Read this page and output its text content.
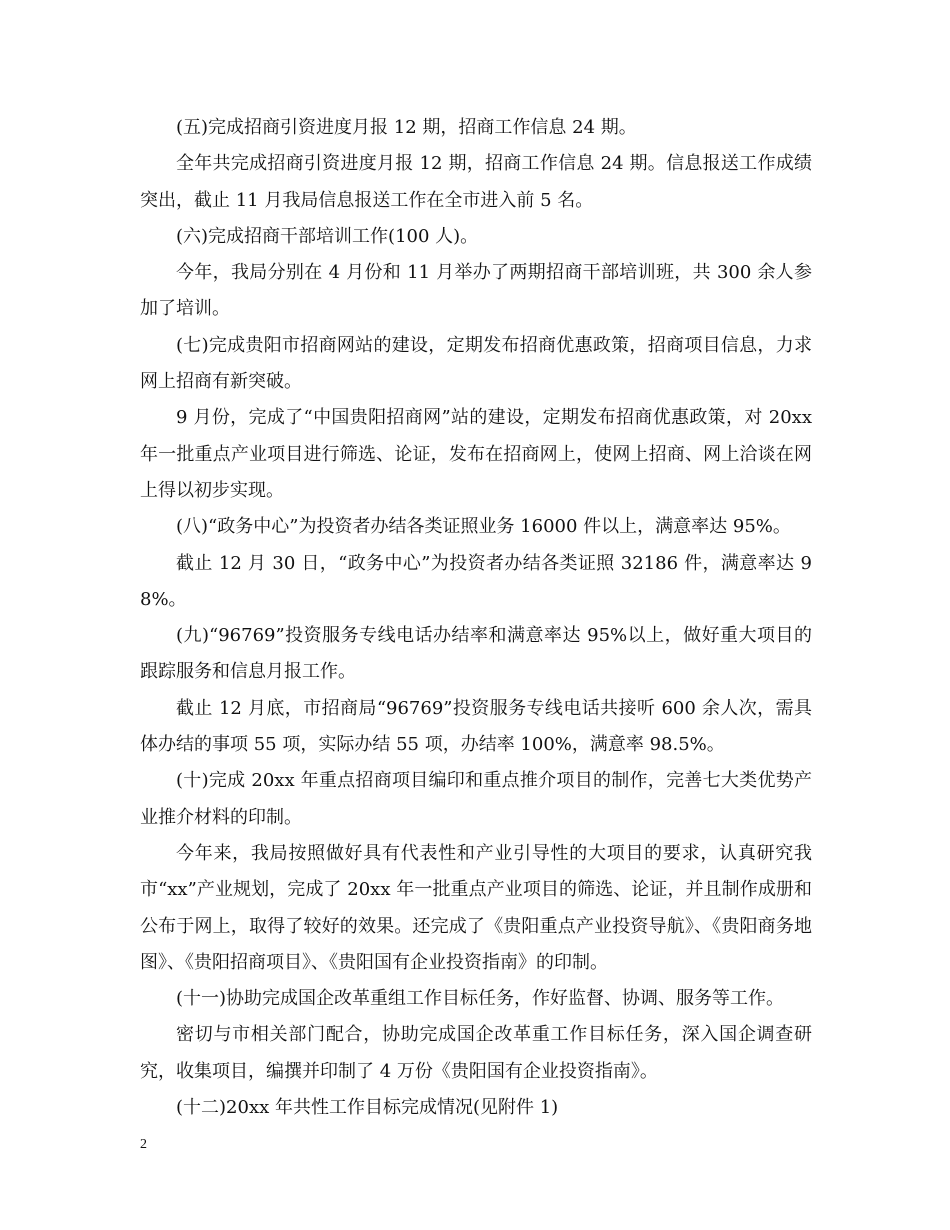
(五)完成招商引资进度月报 12 期，招商工作信息 24 期。

全年共完成招商引资进度月报 12 期，招商工作信息 24 期。信息报送工作成绩突出，截止 11 月我局信息报送工作在全市进入前 5 名。

(六)完成招商干部培训工作(100 人)。

今年，我局分别在 4 月份和 11 月举办了两期招商干部培训班，共 300 余人参加了培训。

(七)完成贵阳市招商网站的建设，定期发布招商优惠政策，招商项目信息，力求网上招商有新突破。

9 月份，完成了“中国贵阳招商网”站的建设，定期发布招商优惠政策，对 20xx 年一批重点产业项目进行筛选、论证，发布在招商网上，使网上招商、网上洽谈在网上得以初步实现。

(八)“政务中心”为投资者办结各类证照业务 16000 件以上，满意率达 95%。

截止 12 月 30 日，“政务中心”为投资者办结各类证照 32186 件，满意率达 98%。

(九)“96769”投资服务专线电话办结率和满意率达 95%以上，做好重大项目的跟踪服务和信息月报工作。

截止 12 月底，市招商局“96769”投资服务专线电话共接听 600 余人次，需具体办结的事项 55 项，实际办结 55 项，办结率 100%，满意率 98.5%。

(十)完成 20xx 年重点招商项目编印和重点推介项目的制作，完善七大类优势产业推介材料的印制。

今年来，我局按照做好具有代表性和产业引导性的大项目的要求，认真研究我市“xx”产业规划，完成了 20xx 年一批重点产业项目的筛选、论证，并且制作成册和公布于网上，取得了较好的效果。还完成了《贵阳重点产业投资导航》、《贵阳商务地图》、《贵阳招商项目》、《贵阳国有企业投资指南》的印制。

(十一)协助完成国企改革重组工作目标任务，作好监督、协调、服务等工作。

密切与市相关部门配合，协助完成国企改革重工作目标任务，深入国企调查研究，收集项目，编撰并印制了 4 万份《贵阳国有企业投资指南》。

(十二)20xx 年共性工作目标完成情况(见附件 1)

2
